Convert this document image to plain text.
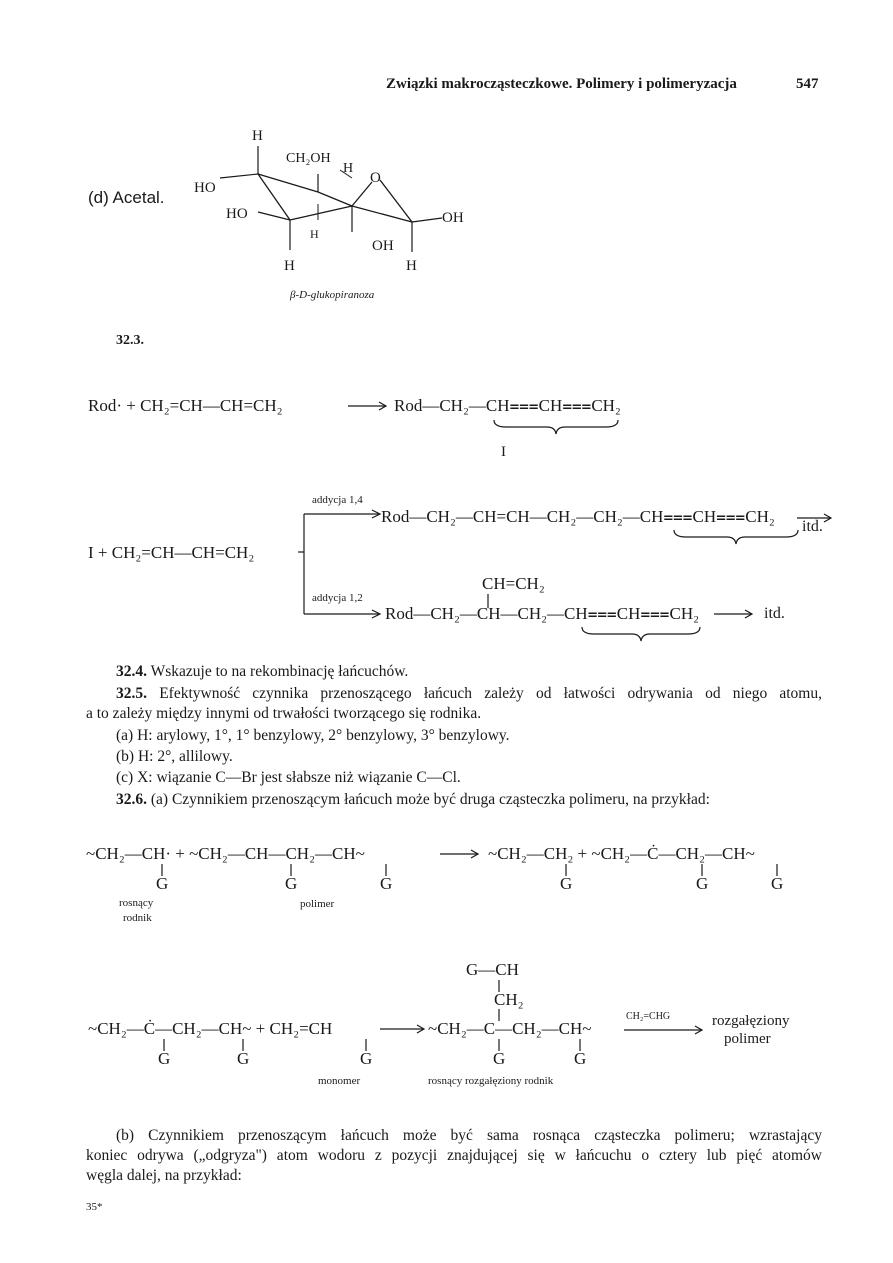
Związki makrocząsteczkowe. Polimery i polimeryzacja	547
(d) Acetal.
H
CH₂OH
H
O
HO
HO
H
OH
OH
H	H
β-D-glukopiranoza
32.3.
Rod· + CH₂=CH—CH=CH₂	Rod—CH₂—CH⩶CH⩶CH₂
I
I + CH₂=CH—CH=CH₂
addycja 1,4
Rod—CH₂—CH=CH—CH₂—CH₂—CH⩶CH⩶CH₂
itd.
CH=CH₂
addycja 1,2
Rod—CH₂—CH—CH₂—CH⩶CH⩶CH₂	itd.
32.4. Wskazuje to na rekombinację łańcuchów.
32.5. Efektywność czynnika przenoszącego łańcuch zależy od łatwości odrywania od niego atomu,
a to zależy między innymi od trwałości tworzącego się rodnika.
(a) H: arylowy, 1°, 1° benzylowy, 2° benzylowy, 3° benzylowy.
(b) H: 2°, allilowy.
(c) X: wiązanie C—Br jest słabsze niż wiązanie C—Cl.
32.6. (a) Czynnikiem przenoszącym łańcuch może być druga cząsteczka polimeru, na przykład:
~CH₂—CH· + ~CH₂—CH—CH₂—CH~	~CH₂—CH₂ + ~CH₂—Ċ—CH₂—CH~
G	G	G	G	G	G
rosnący
rodnik
polimer
G—CH
CH₂
~CH₂—Ċ—CH₂—CH~ + CH₂=CH	~CH₂—C—CH₂—CH~
CH₂=CHG	rozgałęziony
polimer
G	G	G	G	G
monomer	rosnący rozgałęziony rodnik
(b) Czynnikiem przenoszącym łańcuch może być sama rosnąca cząsteczka polimeru; wzrastający
koniec odrywa („odgryza") atom wodoru z pozycji znajdującej się w łańcuchu o cztery lub pięć atomów
węgla dalej, na przykład:
35*
